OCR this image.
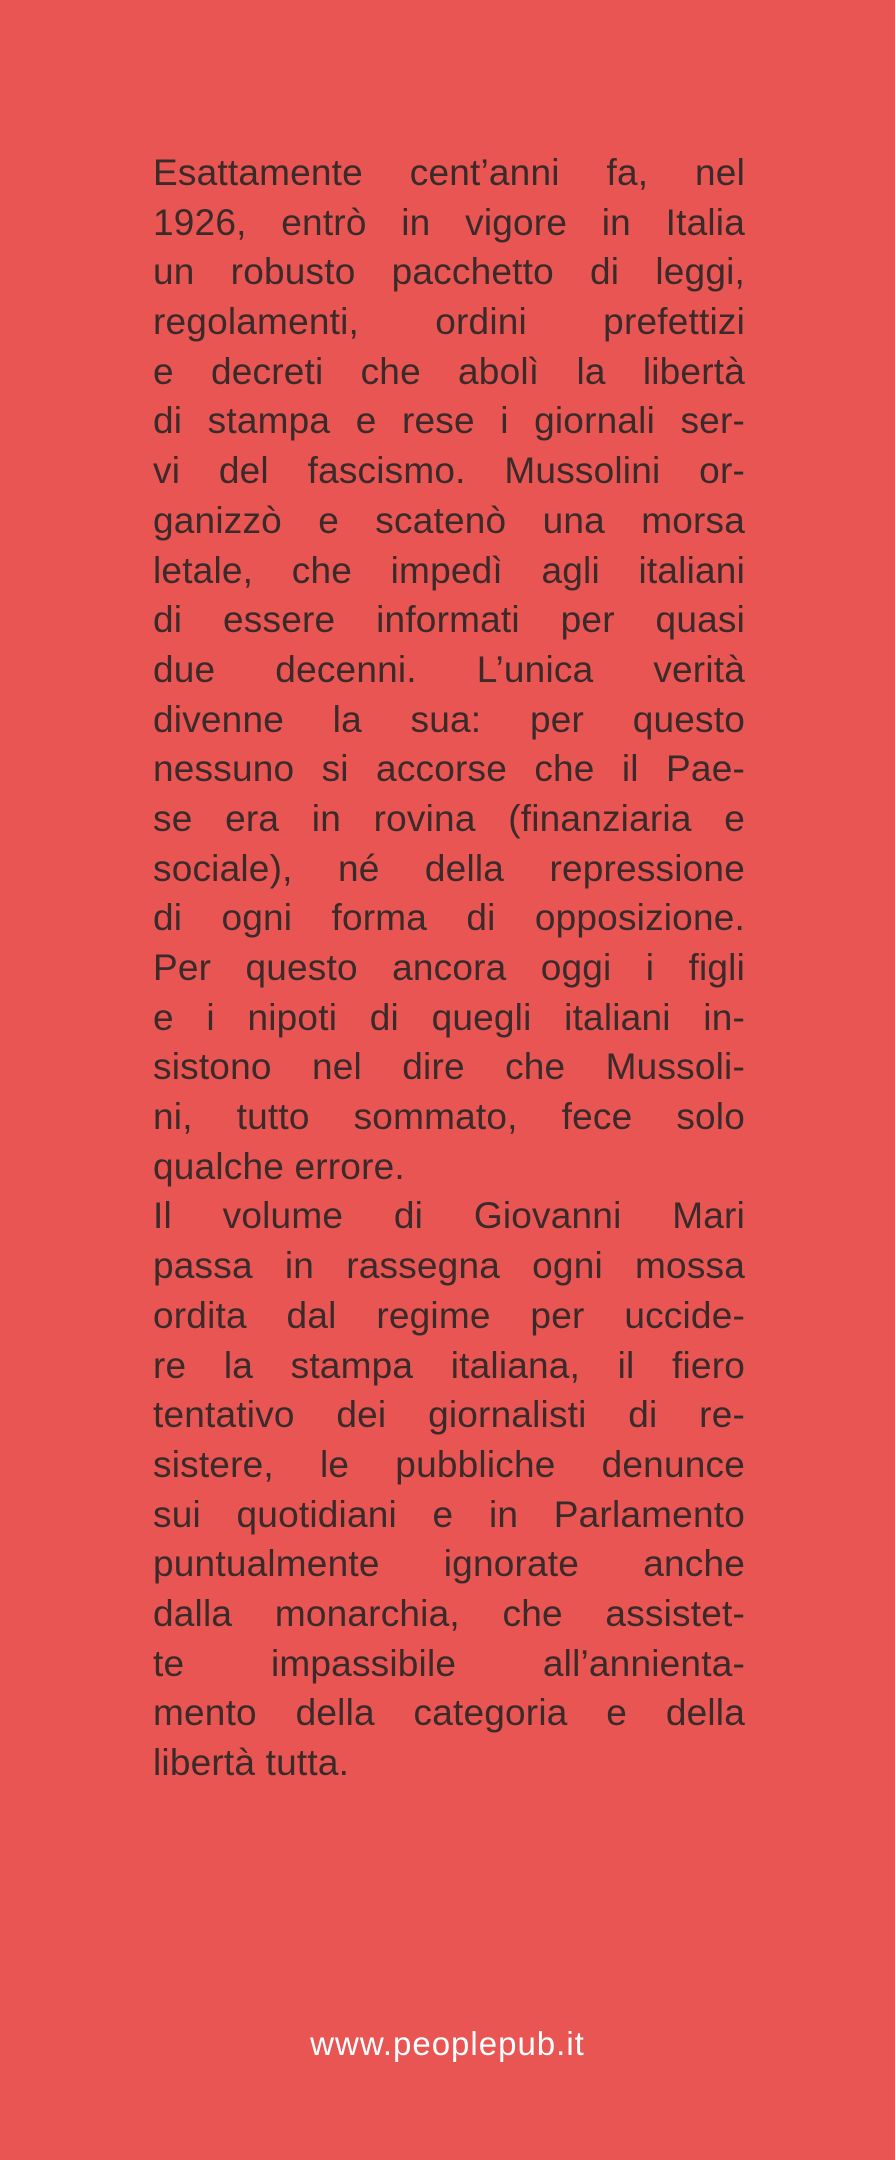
Esattamente cent’anni fa, nel
1926, entrò in vigore in Italia
un robusto pacchetto di leggi,
regolamenti, ordini prefettizi
e decreti che abolì la libertà
di stampa e rese i giornali ser-
vi del fascismo. Mussolini or-
ganizzò e scatenò una morsa
letale, che impedì agli italiani
di essere informati per quasi
due decenni. L’unica verità
divenne la sua: per questo
nessuno si accorse che il Pae-
se era in rovina (finanziaria e
sociale), né della repressione
di ogni forma di opposizione.
Per questo ancora oggi i figli
e i nipoti di quegli italiani in-
sistono nel dire che Mussoli-
ni, tutto sommato, fece solo
qualche errore.
Il volume di Giovanni Mari
passa in rassegna ogni mossa
ordita dal regime per uccide-
re la stampa italiana, il fiero
tentativo dei giornalisti di re-
sistere, le pubbliche denunce
sui quotidiani e in Parlamento
puntualmente ignorate anche
dalla monarchia, che assistet-
te impassibile all’annienta-
mento della categoria e della
libertà tutta.
www.peoplepub.it
